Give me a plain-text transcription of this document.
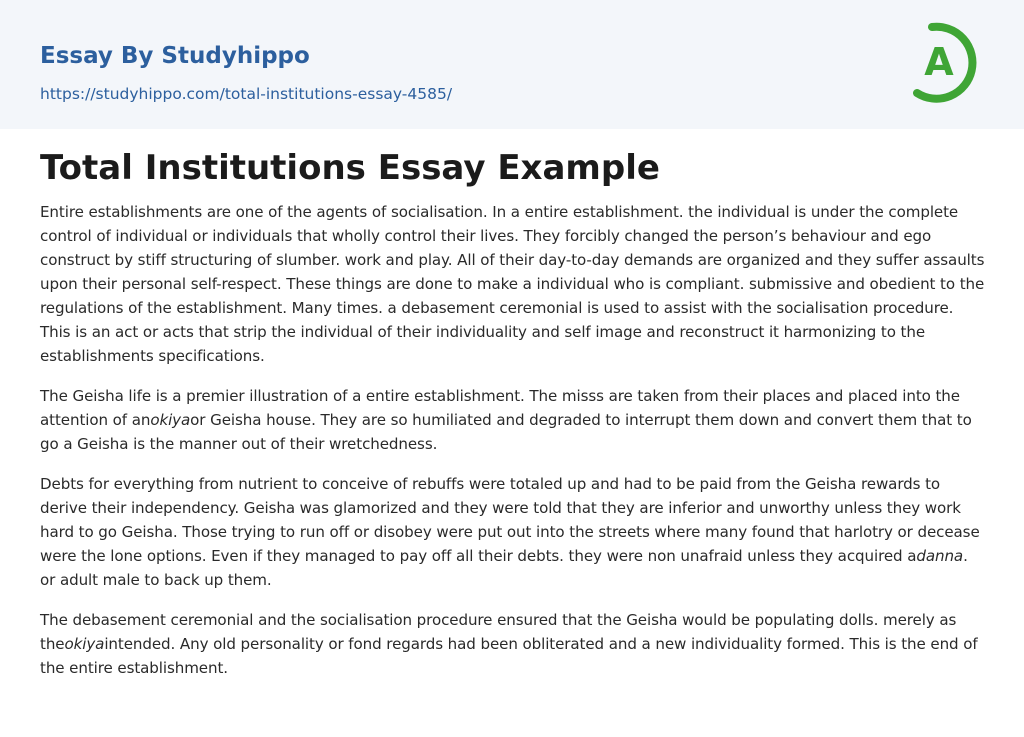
Essay By Studyhippo
https://studyhippo.com/total-institutions-essay-4585/
A
Total Institutions Essay Example

Entire establishments are one of the agents of socialisation. In a entire establishment. the individual is under the complete control of individual or individuals that wholly control their lives. They forcibly changed the person’s behaviour and ego construct by stiff structuring of slumber. work and play. All of their day-to-day demands are organized and they suffer assaults upon their personal self-respect. These things are done to make a individual who is compliant. submissive and obedient to the regulations of the establishment. Many times. a debasement ceremonial is used to assist with the socialisation procedure. This is an act or acts that strip the individual of their individuality and self image and reconstruct it harmonizing to the establishments specifications.

The Geisha life is a premier illustration of a entire establishment. The misss are taken from their places and placed into the attention of anokiyaor Geisha house. They are so humiliated and degraded to interrupt them down and convert them that to go a Geisha is the manner out of their wretchedness.

Debts for everything from nutrient to conceive of rebuffs were totaled up and had to be paid from the Geisha rewards to derive their independency. Geisha was glamorized and they were told that they are inferior and unworthy unless they work hard to go Geisha. Those trying to run off or disobey were put out into the streets where many found that harlotry or decease were the lone options. Even if they managed to pay off all their debts. they were non unafraid unless they acquired adanna. or adult male to back up them.

The debasement ceremonial and the socialisation procedure ensured that the Geisha would be populating dolls. merely as theokiyaintended. Any old personality or fond regards had been obliterated and a new individuality formed. This is the end of the entire establishment.
